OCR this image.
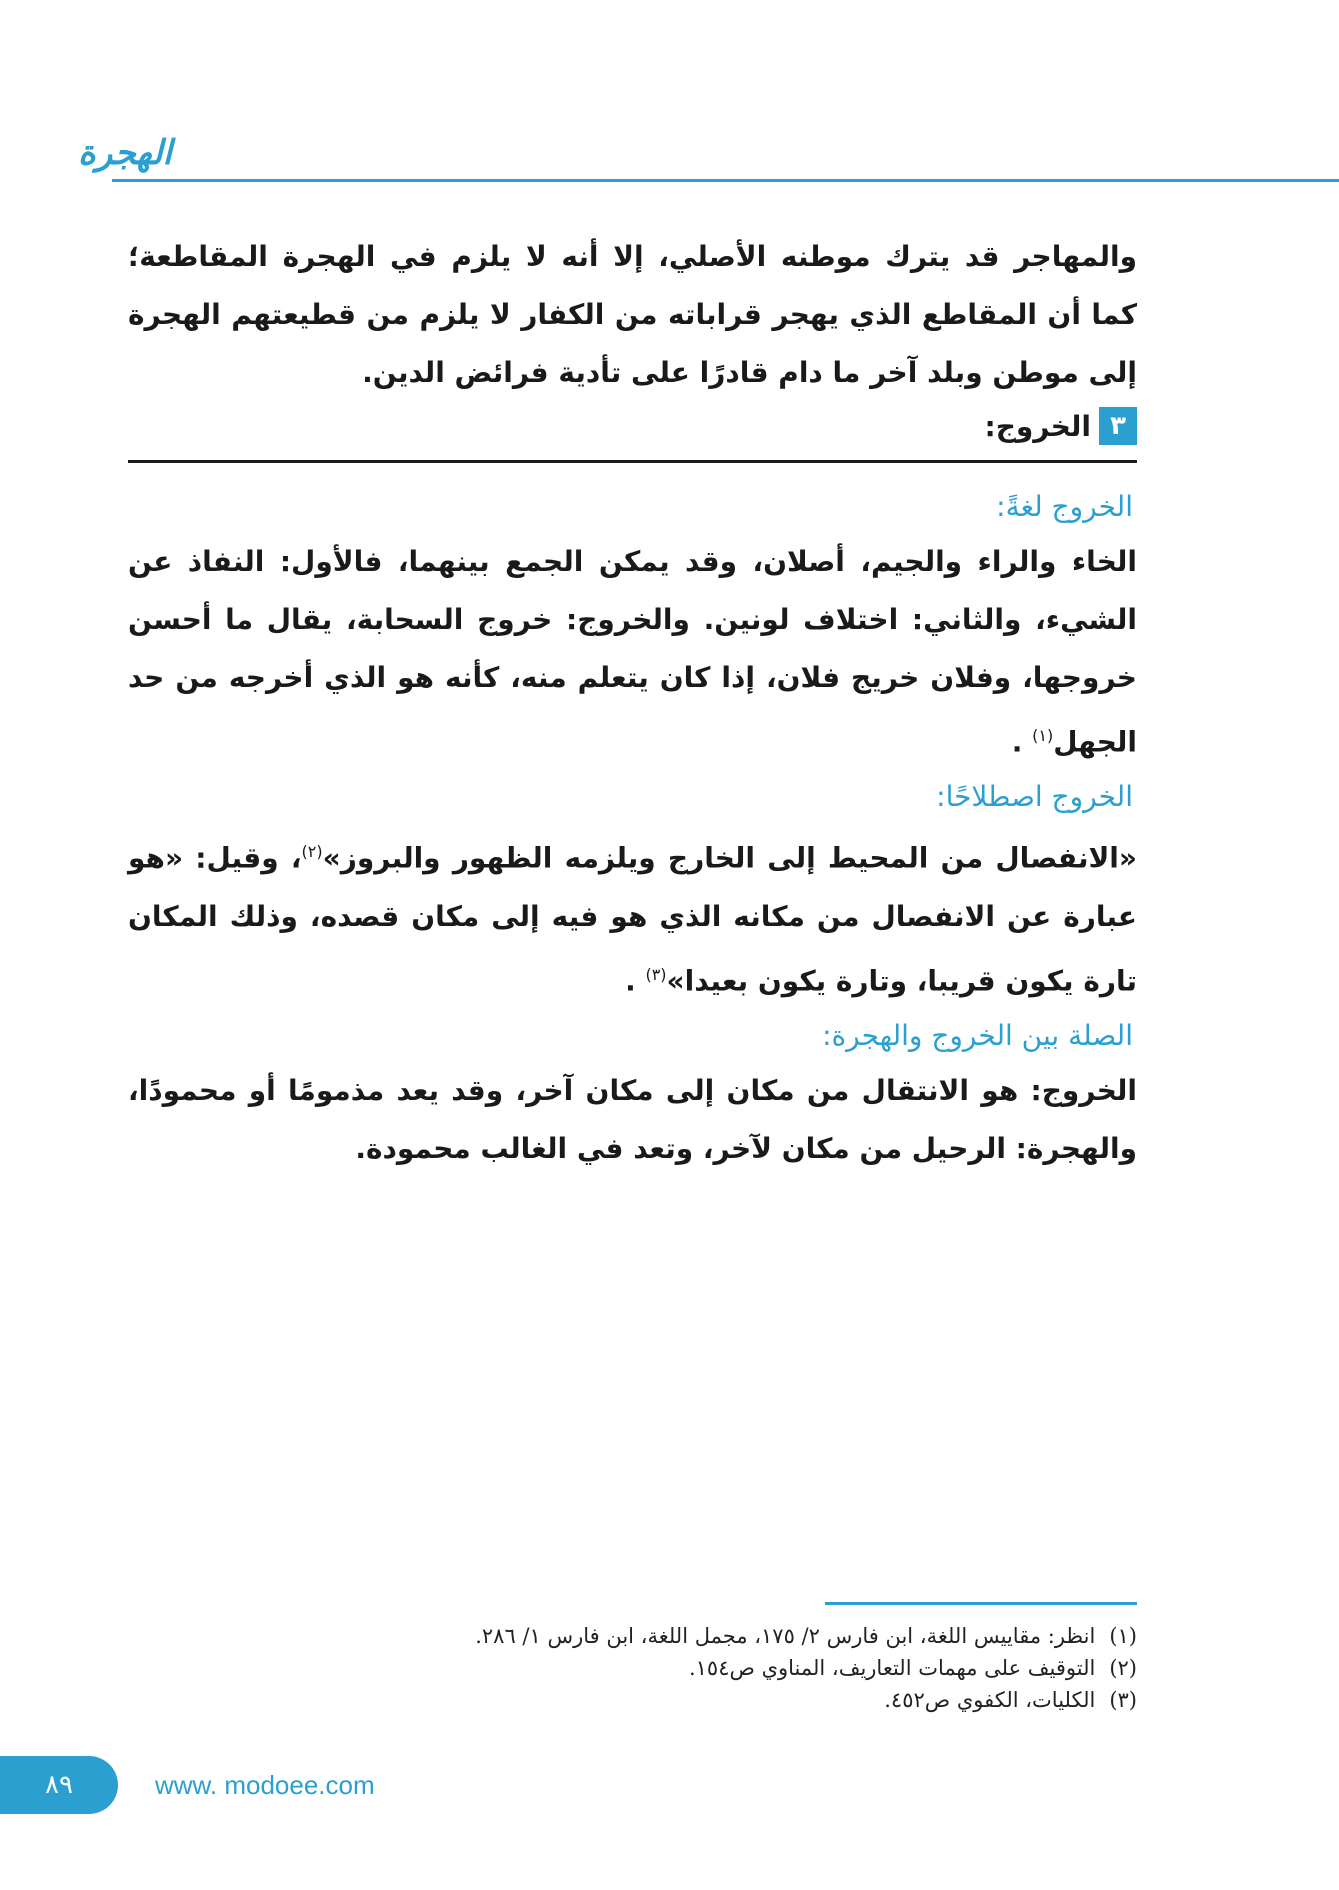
الهجرة

والمهاجر قد يترك موطنه الأصلي، إلا أنه لا يلزم في الهجرة المقاطعة؛ كما أن المقاطع الذي يهجر قراباته من الكفار لا يلزم من قطيعتهم الهجرة إلى موطن وبلد آخر ما دام قادرًا على تأدية فرائض الدين.

٣
الخروج:

الخروج لغةً:

الخاء والراء والجيم، أصلان، وقد يمكن الجمع بينهما، فالأول: النفاذ عن الشيء، والثاني: اختلاف لونين. والخروج: خروج السحابة، يقال ما أحسن خروجها، وفلان خريج فلان، إذا كان يتعلم منه، كأنه هو الذي أخرجه من حد الجهل$^{(١)}$ .

الخروج اصطلاحًا:

«الانفصال من المحيط إلى الخارج ويلزمه الظهور والبروز»$^{(٢)}$، وقيل: «هو عبارة عن الانفصال من مكانه الذي هو فيه إلى مكان قصده، وذلك المكان تارة يكون قريبا، وتارة يكون بعيدا»$^{(٣)}$ .

الصلة بين الخروج والهجرة:

الخروج: هو الانتقال من مكان إلى مكان آخر، وقد يعد مذمومًا أو محمودًا، والهجرة: الرحيل من مكان لآخر، وتعد في الغالب محمودة.

(١)انظر: مقاييس اللغة، ابن فارس ٢/ ١٧٥، مجمل اللغة، ابن فارس ١/ ٢٨٦.

(٢)التوقيف على مهمات التعاريف، المناوي ص١٥٤.

(٣)الكليات، الكفوي ص٤٥٢.

٨٩	www. modoee.com
